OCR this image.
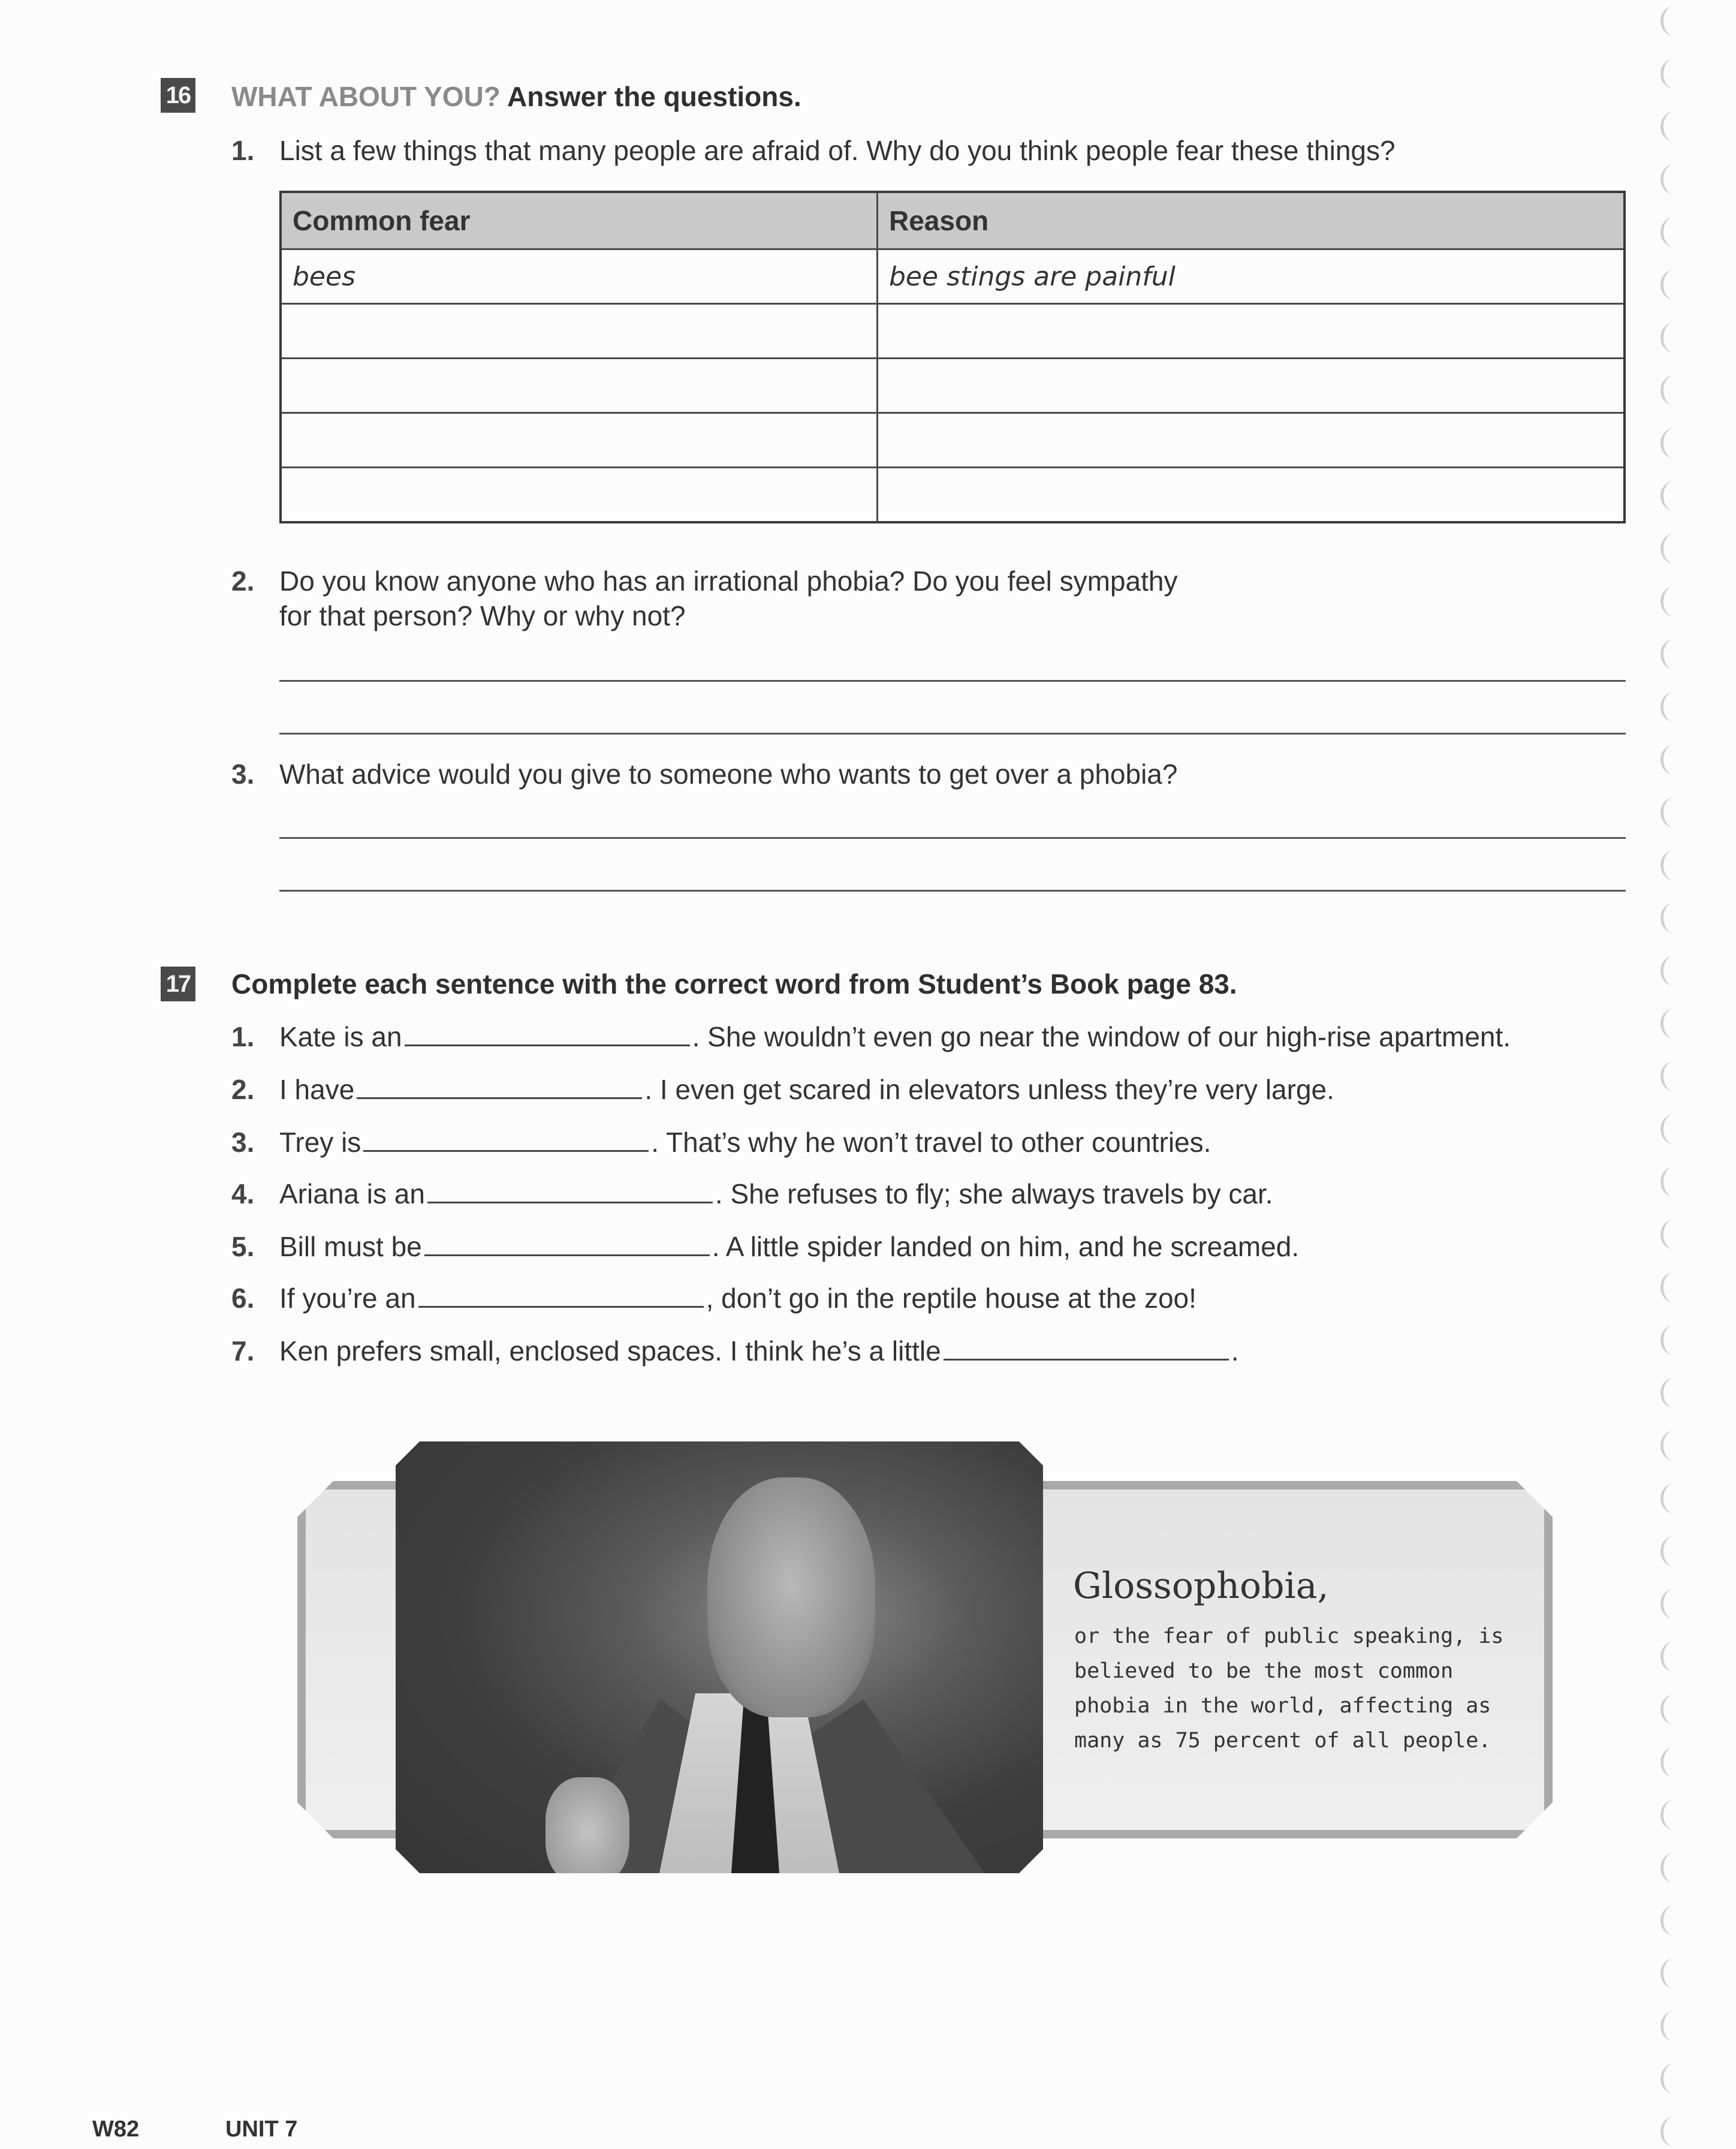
16 WHAT ABOUT YOU? Answer the questions.
1. List a few things that many people are afraid of. Why do you think people fear these things?
Common fear	Reason
bees	bee stings are painful

2. Do you know anyone who has an irrational phobia? Do you feel sympathy
for that person? Why or why not?
3. What advice would you give to someone who wants to get over a phobia?
17 Complete each sentence with the correct word from Student’s Book page 83.
1. Kate is an	. She wouldn’t even go near the window of our high-rise apartment.
2. I have	. I even get scared in elevators unless they’re very large.
3. Trey is	. That’s why he won’t travel to other countries.
4. Ariana is an	. She refuses to fly; she always travels by car.
5. Bill must be	. A little spider landed on him, and he screamed.
6. If you’re an	, don’t go in the reptile house at the zoo!
7. Ken prefers small, enclosed spaces. I think he’s a little	.
Glossophobia,
or the fear of public speaking, is
believed to be the most common
phobia in the world, affecting as
many as 75 percent of all people.
W82	UNIT 7
